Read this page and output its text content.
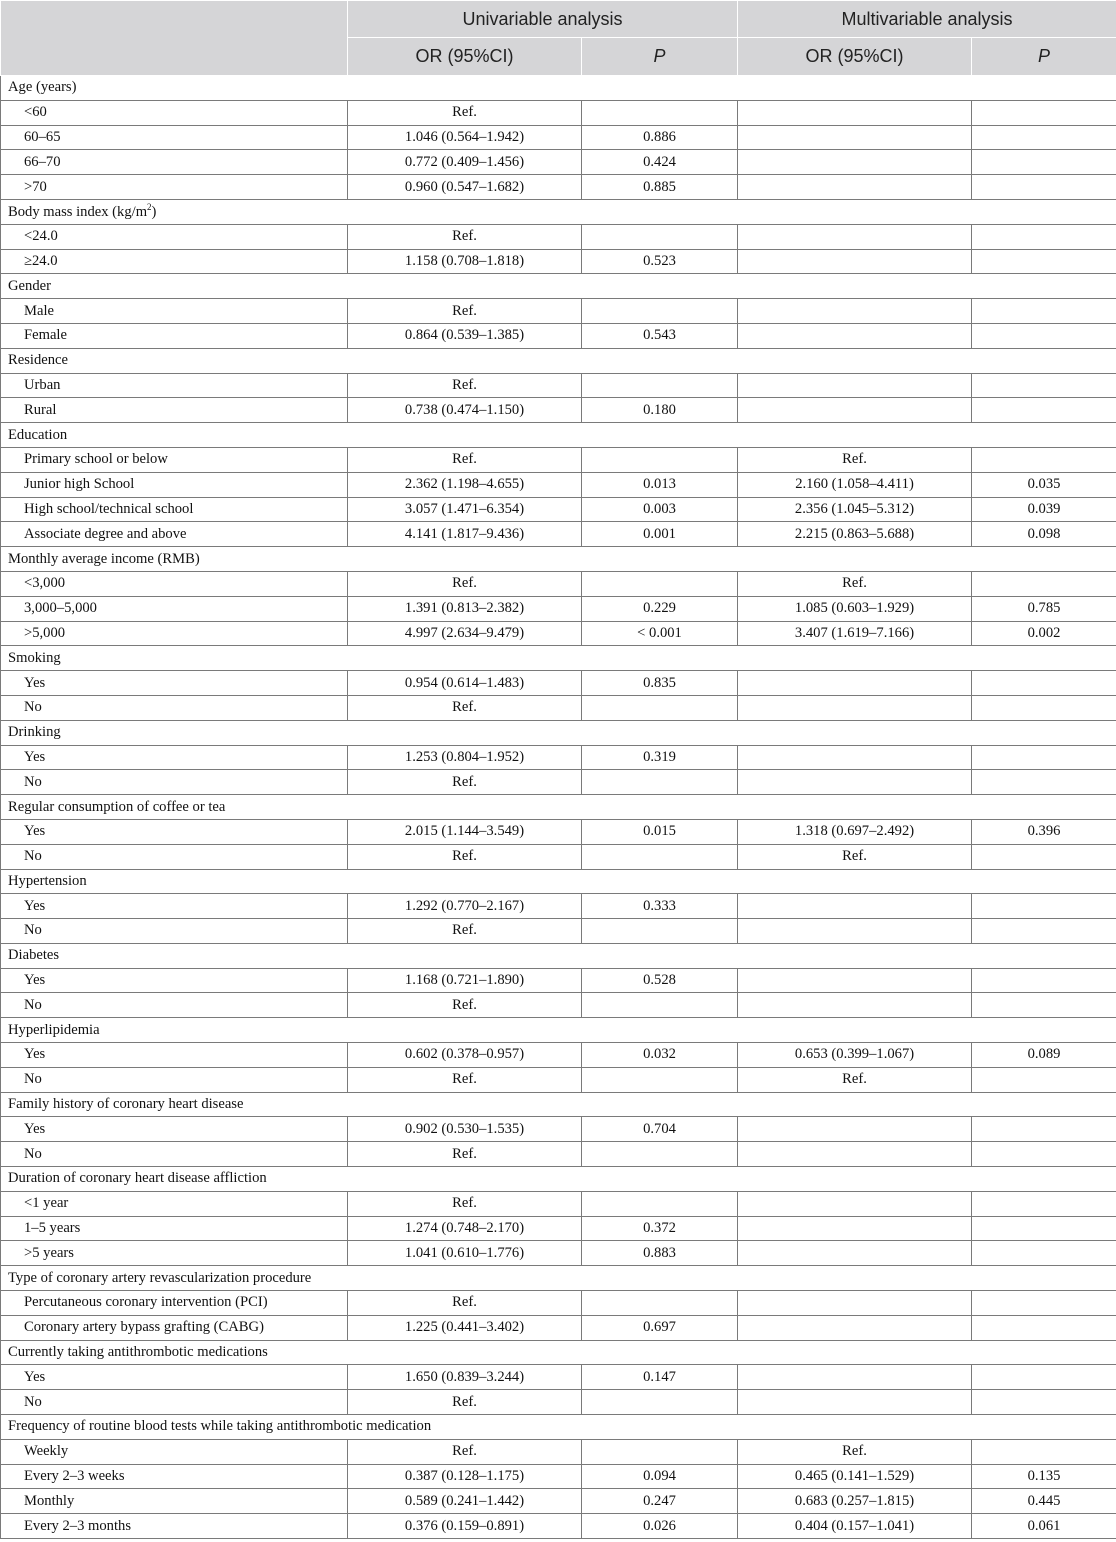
	Univariable analysis		Multivariable analysis	
	OR (95%CI)	P	OR (95%CI)	P
Age (years)				
<60	Ref.			
60–65	1.046 (0.564–1.942)	0.886		
66–70	0.772 (0.409–1.456)	0.424		
>70	0.960 (0.547–1.682)	0.885		
Body mass index $(kg/m^2)$				
<24.0	Ref.			
≥24.0	1.158 (0.708–1.818)	0.523		
Gender				
Male	Ref.			
Female	0.864 (0.539–1.385)	0.543		
Residence				
Urban	Ref.			
Rural	0.738 (0.474–1.150)	0.180		
Education				
Primary school or below	Ref.		Ref.	
Junior high School	2.362 (1.198–4.655)	0.013	2.160 (1.058–4.411)	0.035
High school/technical school	3.057 (1.471–6.354)	0.003	2.356 (1.045–5.312)	0.039
Associate degree and above	4.141 (1.817–9.436)	0.001	2.215 (0.863–5.688)	0.098
Monthly average income (RMB)				
<3,000	Ref.		Ref.	
3,000–5,000	1.391 (0.813–2.382)	0.229	1.085 (0.603–1.929)	0.785
>5,000	4.997 (2.634–9.479)	< 0.001	3.407 (1.619–7.166)	0.002
Smoking				
Yes	0.954 (0.614–1.483)	0.835		
No	Ref.			
Drinking				
Yes	1.253 (0.804–1.952)	0.319		
No	Ref.			
Regular consumption of coffee or tea				
Yes	2.015 (1.144–3.549)	0.015	1.318 (0.697–2.492)	0.396
No	Ref.		Ref.	
Hypertension				
Yes	1.292 (0.770–2.167)	0.333		
No	Ref.			
Diabetes				
Yes	1.168 (0.721–1.890)	0.528		
No	Ref.			
Hyperlipidemia				
Yes	0.602 (0.378–0.957)	0.032	0.653 (0.399–1.067)	0.089
No	Ref.		Ref.	
Family history of coronary heart disease				
Yes	0.902 (0.530–1.535)	0.704		
No	Ref.			
Duration of coronary heart disease affliction				
<1 year	Ref.			
1–5 years	1.274 (0.748–2.170)	0.372		
>5 years	1.041 (0.610–1.776)	0.883		
Type of coronary artery revascularization procedure				
Percutaneous coronary intervention (PCI)	Ref.			
Coronary artery bypass grafting (CABG)	1.225 (0.441–3.402)	0.697		
Currently taking antithrombotic medications				
Yes	1.650 (0.839–3.244)	0.147		
No	Ref.			
Frequency of routine blood tests while taking antithrombotic medication				
Weekly	Ref.		Ref.	
Every 2–3 weeks	0.387 (0.128–1.175)	0.094	0.465 (0.141–1.529)	0.135
Monthly	0.589 (0.241–1.442)	0.247	0.683 (0.257–1.815)	0.445
Every 2–3 months	0.376 (0.159–0.891)	0.026	0.404 (0.157–1.041)	0.061
